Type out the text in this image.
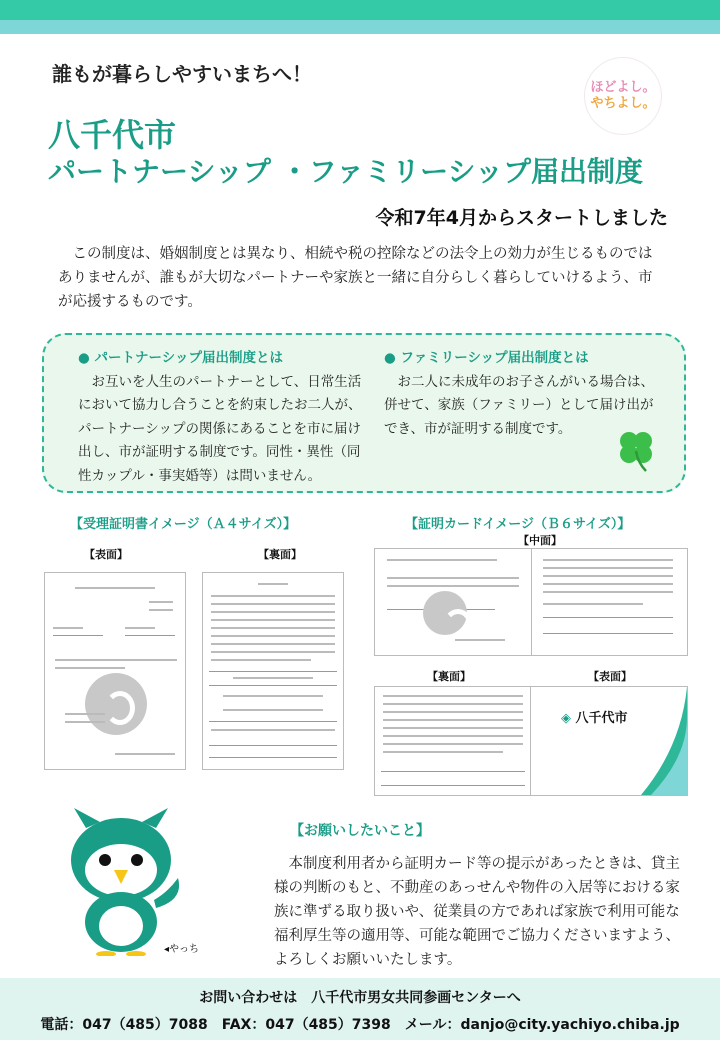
誰もが暮らしやすいまちへ！
ほどよし。
やちよし。
八千代市
パートナーシップ ・ファミリーシップ届出制度
令和7年4月からスタートしました
この制度は、婚姻制度とは異なり、相続や税の控除などの法令上の効力が生じるものではありませんが、誰もが大切なパートナーや家族と一緒に自分らしく暮らしていけるよう、市が応援するものです。
● パートナーシップ届出制度とは

お互いを人生のパートナーとして、日常生活において協力し合うことを約束したお二人が、パートナーシップの関係にあることを市に届け出し、市が証明する制度です。同性・異性（同性カップル・事実婚等）は問いません。

● ファミリーシップ届出制度とは

お二人に未成年のお子さんがいる場合は、併せて、家族（ファミリー）として届け出ができ、市が証明する制度です。

【受理証明書イメージ（Ａ４サイズ）】
【表面】	【裏面】
【証明カードイメージ（Ｂ６サイズ）】
【中面】
【裏面】	【表面】
◈ 八千代市
◂やっち
【お願いしたいこと】
本制度利用者から証明カード等の提示があったときは、貸主様の判断のもと、不動産のあっせんや物件の入居等における家族に準ずる取り扱いや、従業員の方であれば家族で利用可能な福利厚生等の適用等、可能な範囲でご協力くださいますよう、よろしくお願いいたします。
お問い合わせは　八千代市男女共同参画センターへ
電話：047（485）7088　FAX：047（485）7398　メール：danjo@city.yachiyo.chiba.jp
